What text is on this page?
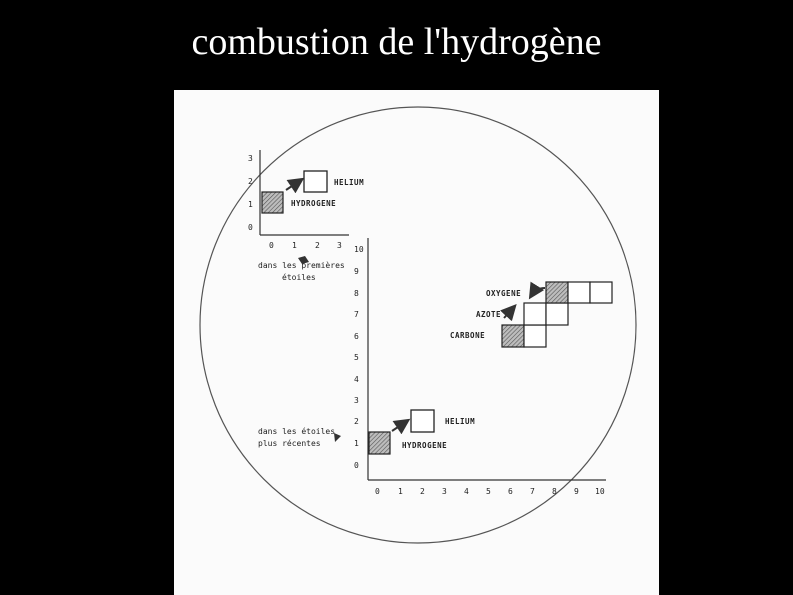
combustion de l'hydrogène
0
1
2
3
0 1 2 3
HELIUM
HYDROGENE
dans les premières
étoiles
0
1
2
3
4
5
6
7
8
9
10
0 1 2 3 4 5 6 7 8 9 10
HELIUM
HYDROGENE
OXYGENE
AZOTE
CARBONE
dans les étoiles
plus récentes
